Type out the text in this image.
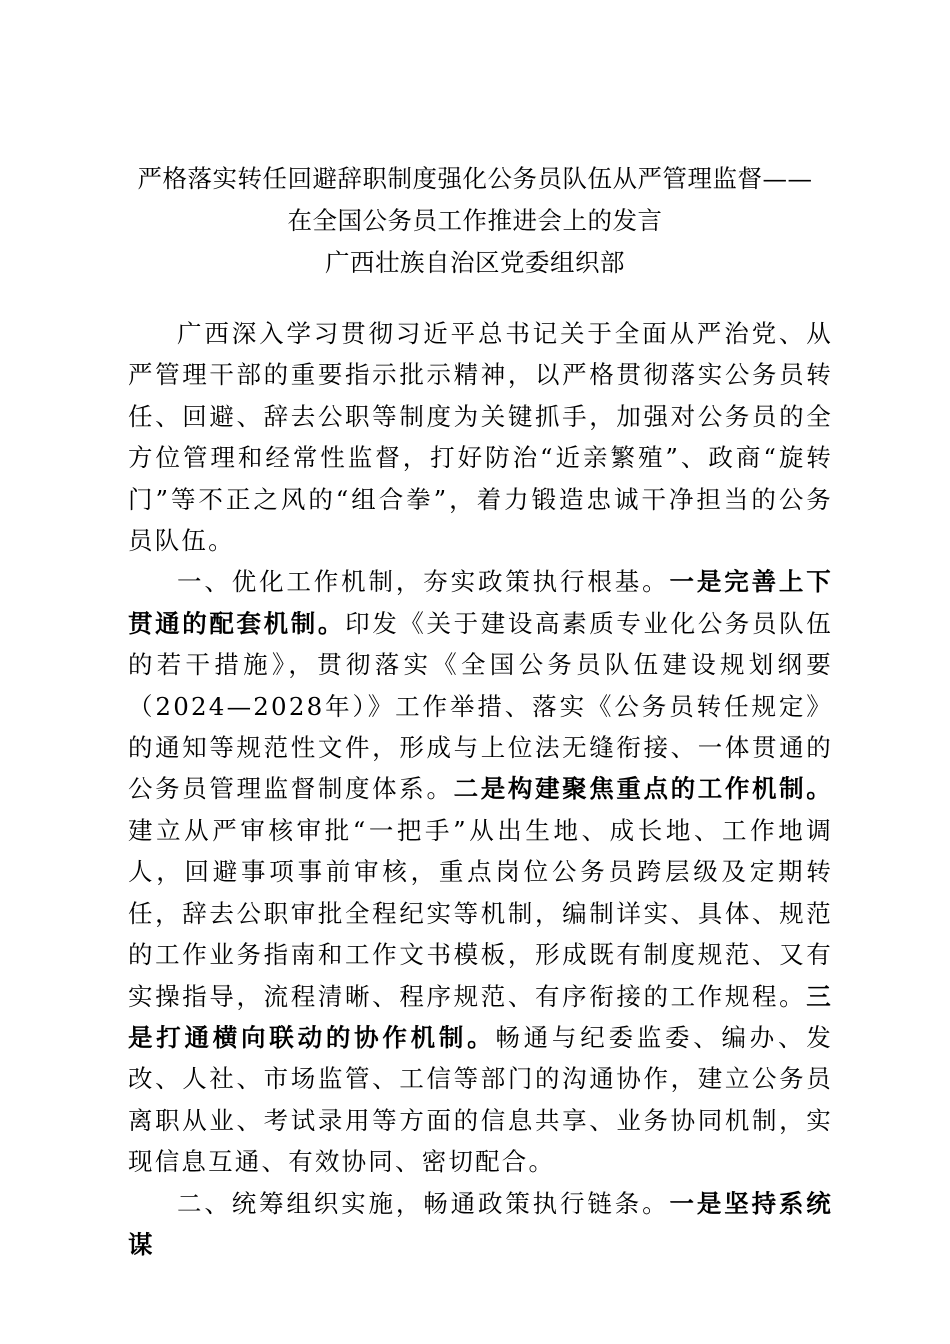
严格落实转任回避辞职制度强化公务员队伍从严管理监督——
在全国公务员工作推进会上的发言
广西壮族自治区党委组织部

广西深入学习贯彻习近平总书记关于全面从严治党、从严管理干部的重要指示批示精神，以严格贯彻落实公务员转任、回避、辞去公职等制度为关键抓手，加强对公务员的全方位管理和经常性监督，打好防治“近亲繁殖”、政商“旋转门”等不正之风的“组合拳”，着力锻造忠诚干净担当的公务员队伍。

一、优化工作机制，夯实政策执行根基。一是完善上下贯通的配套机制。印发《关于建设高素质专业化公务员队伍的若干措施》，贯彻落实《全国公务员队伍建设规划纲要（2024—2028年）》工作举措、落实《公务员转任规定》的通知等规范性文件，形成与上位法无缝衔接、一体贯通的公务员管理监督制度体系。二是构建聚焦重点的工作机制。建立从严审核审批“一把手”从出生地、成长地、工作地调人，回避事项事前审核，重点岗位公务员跨层级及定期转任，辞去公职审批全程纪实等机制，编制详实、具体、规范的工作业务指南和工作文书模板，形成既有制度规范、又有实操指导，流程清晰、程序规范、有序衔接的工作规程。三是打通横向联动的协作机制。畅通与纪委监委、编办、发改、人社、市场监管、工信等部门的沟通协作，建立公务员离职从业、考试录用等方面的信息共享、业务协同机制，实现信息互通、有效协同、密切配合。

二、统筹组织实施，畅通政策执行链条。一是坚持系统谋
